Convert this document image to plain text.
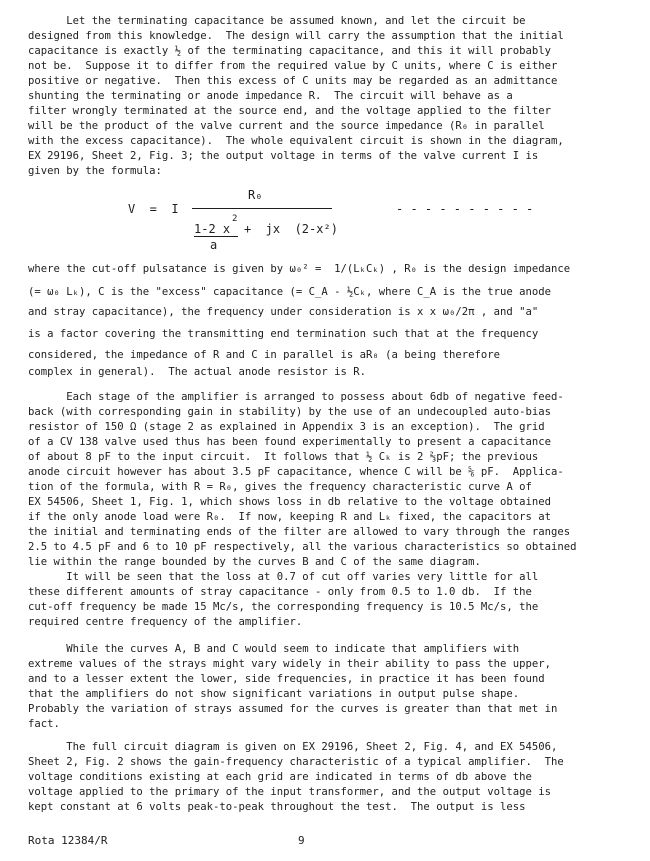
Let the terminating capacitance be assumed known, and let the circuit be
designed from this knowledge.  The design will carry the assumption that the initial
capacitance is exactly ½ of the terminating capacitance, and this it will probably
not be.  Suppose it to differ from the required value by C units, where C is either
positive or negative.  Then this excess of C units may be regarded as an admittance
shunting the terminating or anode impedance R.  The circuit will behave as a
filter wrongly terminated at the source end, and the voltage applied to the filter
will be the product of the valve current and the source impedance (R₀ in parallel
with the excess capacitance).  The whole equivalent circuit is shown in the diagram,
EX 29196, Sheet 2, Fig. 3; the output voltage in terms of the valve current I is
given by the formula:

V  =  I
R₀
1-2 x
2
a
+  jx  (2-x²)
- - - - - - - - - -

where the cut-off pulsatance is given by ω₀² =  1/(LₖCₖ) , R₀ is the design impedance

(= ω₀ Lₖ), C is the "excess" capacitance (= C_A - ½Cₖ, where C_A is the true anode

and stray capacitance), the frequency under consideration is x x ω₀/2π , and "a"

is a factor covering the transmitting end termination such that at the frequency

considered, the impedance of R and C in parallel is aR₀ (a being therefore

complex in general).  The actual anode resistor is R.

Each stage of the amplifier is arranged to possess about 6db of negative feed-
back (with corresponding gain in stability) by the use of an undecoupled auto-bias
resistor of 150 Ω (stage 2 as explained in Appendix 3 is an exception).  The grid
of a CV 138 valve used thus has been found experimentally to present a capacitance
of about 8 pF to the input circuit.  It follows that ½ Cₖ is 2 ⅔pF; the previous
anode circuit however has about 3.5 pF capacitance, whence C will be ⅚ pF.  Applica-
tion of the formula, with R = R₀, gives the frequency characteristic curve A of
EX 54506, Sheet 1, Fig. 1, which shows loss in db relative to the voltage obtained
if the only anode load were R₀.  If now, keeping R and Lₖ fixed, the capacitors at
the initial and terminating ends of the filter are allowed to vary through the ranges
2.5 to 4.5 pF and 6 to 10 pF respectively, all the various characteristics so obtained
lie within the range bounded by the curves B and C of the same diagram.

It will be seen that the loss at 0.7 of cut off varies very little for all
these different amounts of stray capacitance - only from 0.5 to 1.0 db.  If the
cut-off frequency be made 15 Mc/s, the corresponding frequency is 10.5 Mc/s, the
required centre frequency of the amplifier.

While the curves A, B and C would seem to indicate that amplifiers with
extreme values of the strays might vary widely in their ability to pass the upper,
and to a lesser extent the lower, side frequencies, in practice it has been found
that the amplifiers do not show significant variations in output pulse shape.
Probably the variation of strays assumed for the curves is greater than that met in
fact.

The full circuit diagram is given on EX 29196, Sheet 2, Fig. 4, and EX 54506,
Sheet 2, Fig. 2 shows the gain-frequency characteristic of a typical amplifier.  The
voltage conditions existing at each grid are indicated in terms of db above the
voltage applied to the primary of the input transformer, and the output voltage is
kept constant at 6 volts peak-to-peak throughout the test.  The output is less

Rota 12384/R	9
